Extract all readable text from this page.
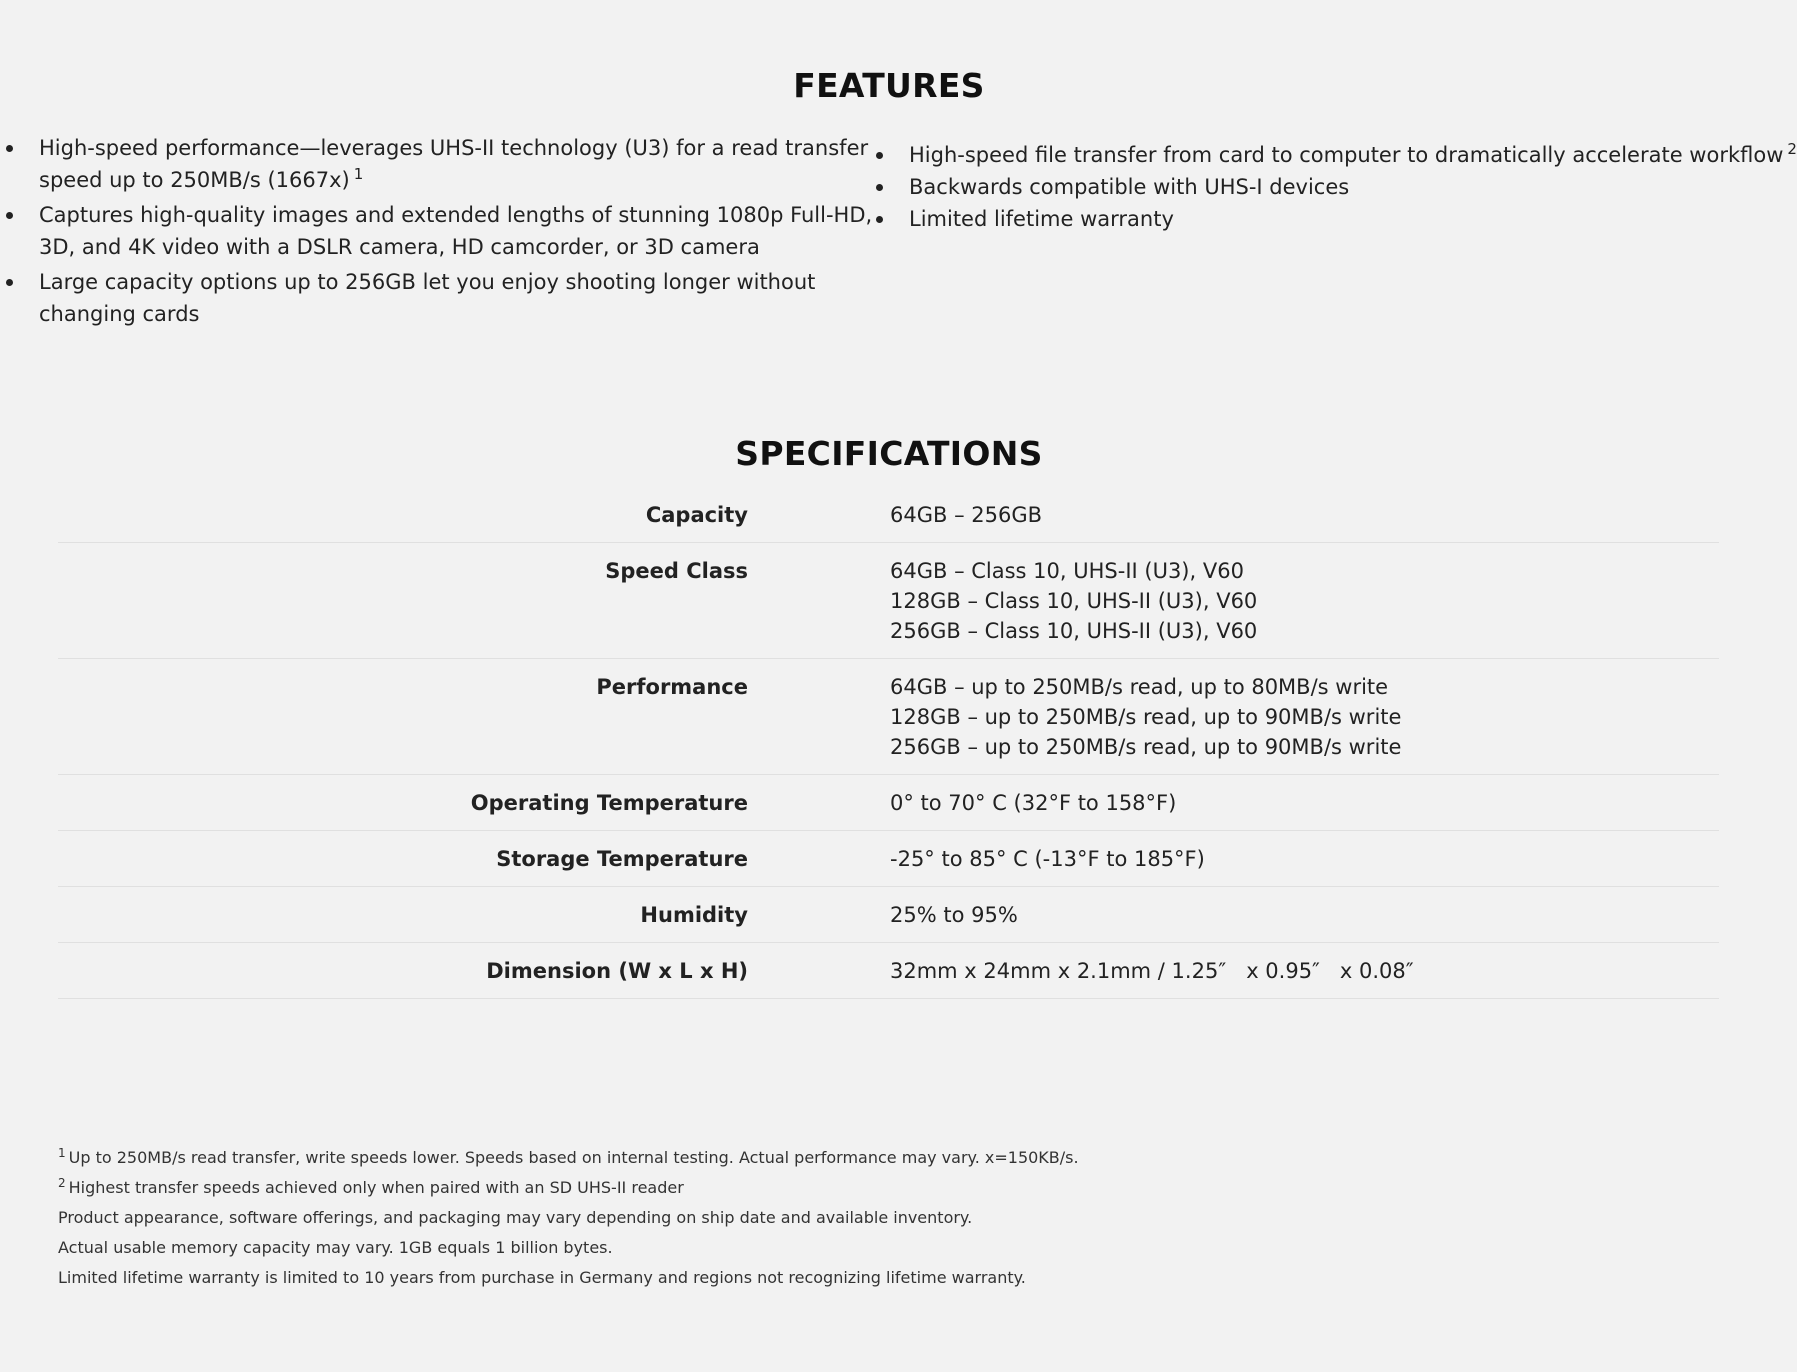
FEATURES
High-speed performance—leverages UHS-II technology (U3) for a read transfer speed up to 250MB/s (1667x) $^1$
Captures high-quality images and extended lengths of stunning 1080p Full-HD, 3D, and 4K video with a DSLR camera, HD camcorder, or 3D camera
Large capacity options up to 256GB let you enjoy shooting longer without changing cards
High-speed file transfer from card to computer to dramatically accelerate workflow $^2$
Backwards compatible with UHS-I devices
Limited lifetime warranty
SPECIFICATIONS
Capacity	64GB – 256GB
Speed Class	64GB – Class 10, UHS-II (U3), V60
128GB – Class 10, UHS-II (U3), V60
256GB – Class 10, UHS-II (U3), V60
Performance	64GB – up to 250MB/s read, up to 80MB/s write
128GB – up to 250MB/s read, up to 90MB/s write
256GB – up to 250MB/s read, up to 90MB/s write
Operating Temperature	0° to 70° C (32°F to 158°F)
Storage Temperature	-25° to 85° C (-13°F to 185°F)
Humidity	25% to 95%
Dimension (W x L x H)	32mm x 24mm x 2.1mm / 1.25″   x 0.95″   x 0.08″
$^1$ Up to 250MB/s read transfer, write speeds lower. Speeds based on internal testing. Actual performance may vary. x=150KB/s.
$^2$ Highest transfer speeds achieved only when paired with an SD UHS-II reader
Product appearance, software offerings, and packaging may vary depending on ship date and available inventory.
Actual usable memory capacity may vary. 1GB equals 1 billion bytes.
Limited lifetime warranty is limited to 10 years from purchase in Germany and regions not recognizing lifetime warranty.
